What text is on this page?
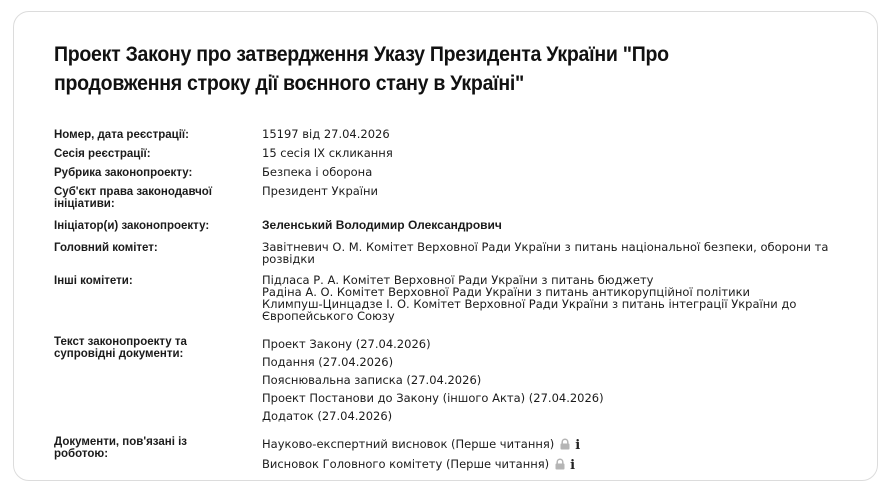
Проект Закону про затвердження Указу Президента України "Про продовження строку дії воєнного стану в Україні"
Номер, дата реєстрації:	15197 від 27.04.2026
Сесія реєстрації:	15 сесія IX скликання
Рубрика законопроекту:	Безпека і оборона
Суб'єкт права законодавчої ініціативи:
Президент України
Ініціатор(и) законопроекту:	Зеленський Володимир Олександрович
Головний комітет:	Завітневич О. М. Комітет Верховної Ради України з питань національної безпеки, оборони та розвідки
Інші комітети:	Підласа Р. А. Комітет Верховної Ради України з питань бюджету
Радіна А. О. Комітет Верховної Ради України з питань антикорупційної політики
Климпуш-Цинцадзе І. О. Комітет Верховної Ради України з питань інтеграції України до Європейського Союзу
Текст законопроекту та супровідні документи:
Проект Закону (27.04.2026)
Подання (27.04.2026)
Пояснювальна записка (27.04.2026)
Проект Постанови до Закону (іншого Акта) (27.04.2026)
Додаток (27.04.2026)
Документи, пов'язані із роботою:
Науково-експертний висновок (Перше читання) i
Висновок Головного комітету (Перше читання) i
